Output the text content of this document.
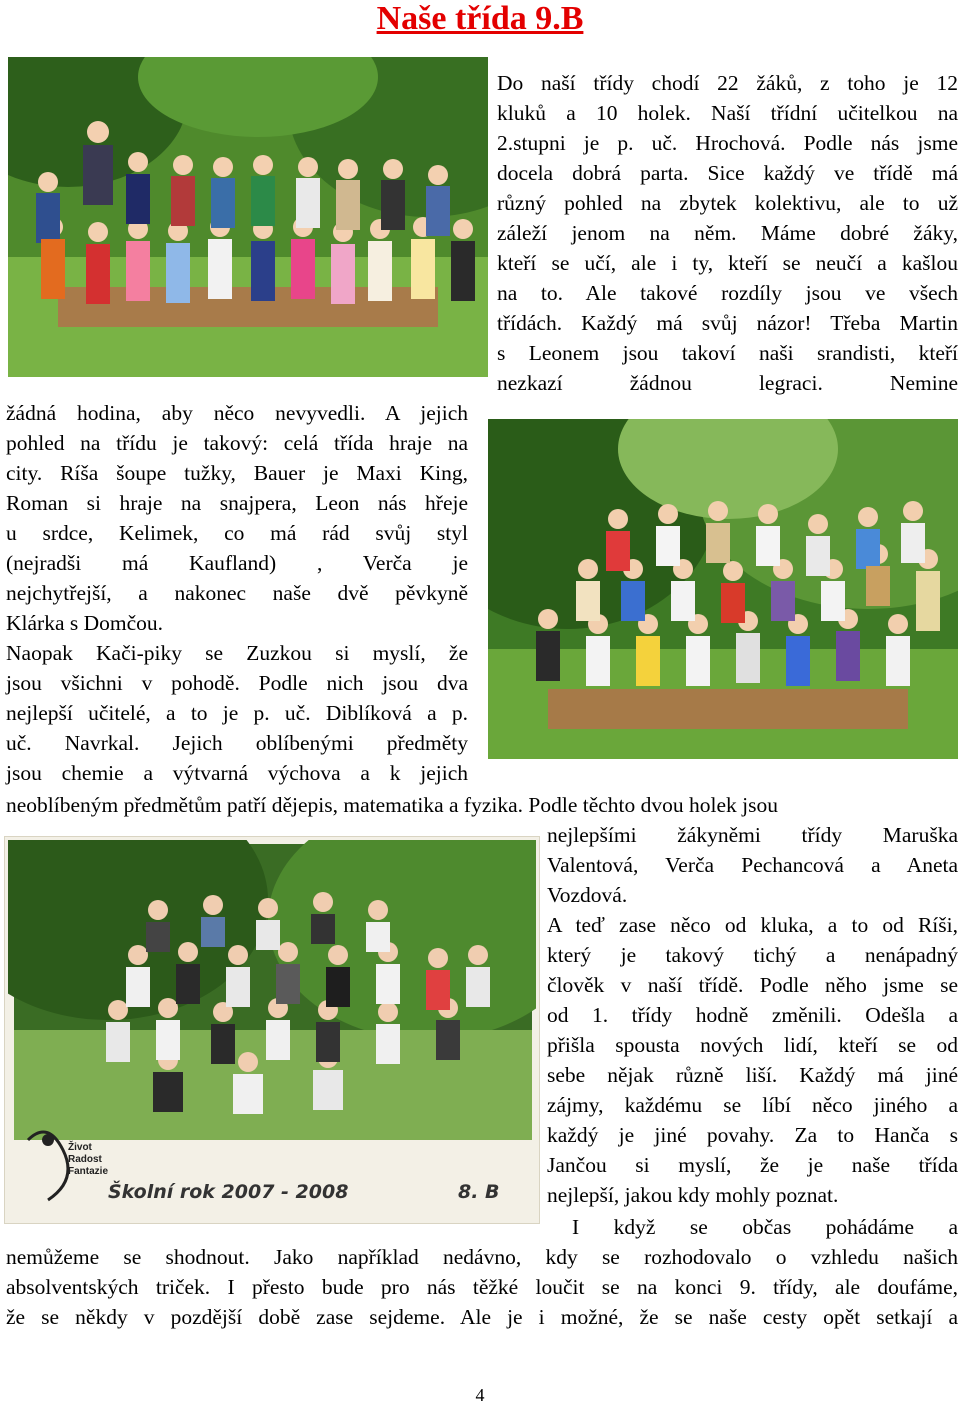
Naše třída 9.B
Život
Radost
Fantazie
Školní rok 2007 - 2008	8. B
Do naší třídy chodí 22 žáků, z toho je 12
kluků a 10 holek. Naší třídní učitelkou na
2.stupni je p. uč. Hrochová. Podle nás jsme
docela dobrá parta. Sice každý ve třídě má
různý pohled na zbytek kolektivu, ale to už
záleží jenom na něm. Máme dobré žáky,
kteří se učí, ale i ty, kteří se neučí a kašlou
na to. Ale takové rozdíly jsou ve všech
třídách. Každý má svůj názor! Třeba Martin
s Leonem jsou takoví naši srandisti, kteří
nezkazí žádnou legraci. Nemine
žádná hodina, aby něco nevyvedli. A jejich
pohled na třídu je takový: celá třída hraje na
city. Ríša šoupe tužky, Bauer je Maxi King,
Roman si hraje na snajpera, Leon nás hřeje
u srdce, Kelimek, co má rád svůj styl
(nejradši má Kaufland) , Verča je
nejchytřejší, a nakonec naše dvě pěvkyně
Klárka s Domčou.
Naopak Kači-piky se Zuzkou si myslí, že
jsou všichni v pohodě. Podle nich jsou dva
nejlepší učitelé, a to je p. uč. Diblíková a p.
uč. Navrkal. Jejich oblíbenými předměty
jsou chemie a výtvarná výchova a k jejich
neoblíbeným předmětům patří dějepis, matematika a fyzika. Podle těchto dvou holek jsou
nejlepšími žákyněmi třídy Maruška
Valentová, Verča Pechancová a Aneta
Vozdová.
A teď zase něco od kluka, a to od Ríši,
který je takový tichý a nenápadný
člověk v naší třídě. Podle něho jsme se
od 1. třídy hodně změnili. Odešla a
přišla spousta nových lidí, kteří se od
sebe nějak různě liší. Každý má jiné
zájmy, každému se líbí něco jiného a
každý je jiné povahy. Za to Hanča s
Jančou si myslí, že je naše třída
nejlepší, jakou kdy mohly poznat.
I když se občas pohádáme a
nemůžeme se shodnout. Jako například nedávno, kdy se rozhodovalo o vzhledu našich
absolventských triček. I přesto bude pro nás těžké loučit se na konci 9. třídy, ale doufáme,
že se někdy v pozdější době zase sejdeme. Ale je i možné, že se naše cesty opět setkají a
4
